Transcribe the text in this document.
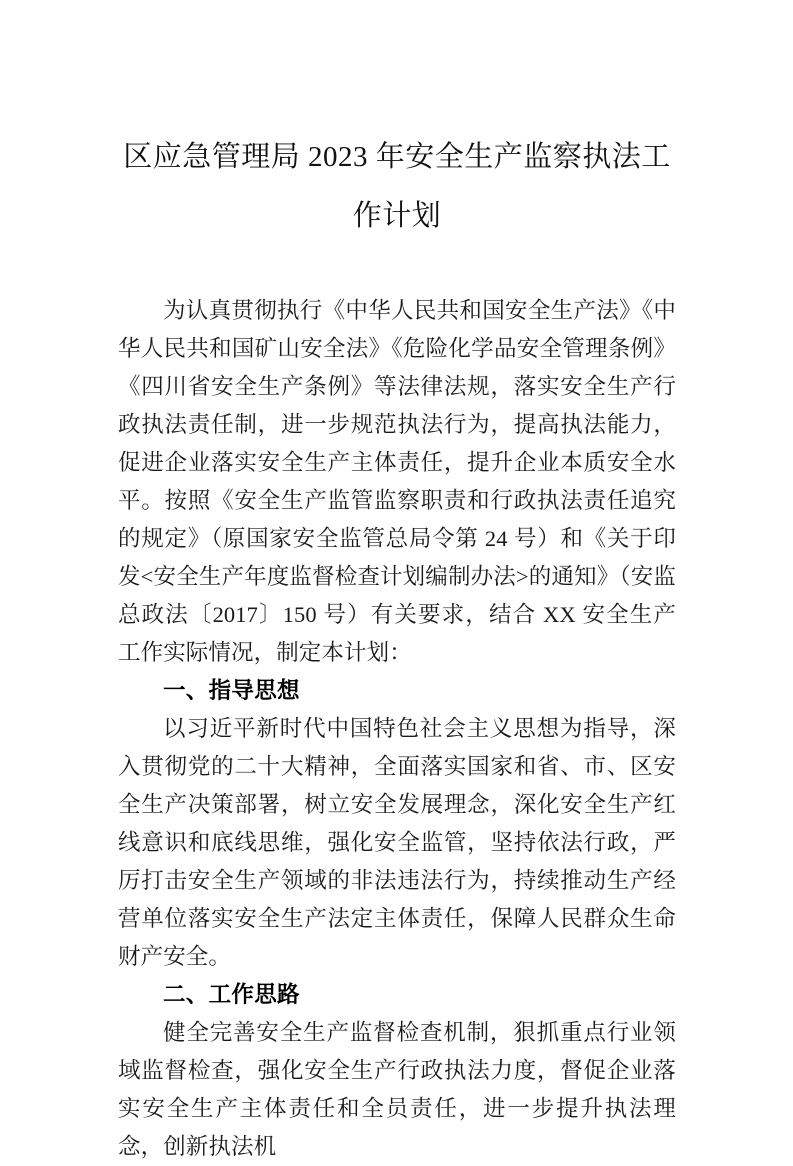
区应急管理局 2023 年安全生产监察执法工作计划

为认真贯彻执行《中华人民共和国安全生产法》《中华人民共和国矿山安全法》《危险化学品安全管理条例》《四川省安全生产条例》等法律法规，落实安全生产行政执法责任制，进一步规范执法行为，提高执法能力，促进企业落实安全生产主体责任，提升企业本质安全水平。按照《安全生产监管监察职责和行政执法责任追究的规定》（原国家安全监管总局令第 24 号）和《关于印发<安全生产年度监督检查计划编制办法>的通知》（安监总政法〔2017〕150 号）有关要求，结合 XX 安全生产工作实际情况，制定本计划：

一、指导思想

以习近平新时代中国特色社会主义思想为指导，深入贯彻党的二十大精神，全面落实国家和省、市、区安全生产决策部署，树立安全发展理念，深化安全生产红线意识和底线思维，强化安全监管，坚持依法行政，严厉打击安全生产领域的非法违法行为，持续推动生产经营单位落实安全生产法定主体责任，保障人民群众生命财产安全。

二、工作思路

健全完善安全生产监督检查机制，狠抓重点行业领域监督检查，强化安全生产行政执法力度，督促企业落实安全生产主体责任和全员责任，进一步提升执法理念，创新执法机
